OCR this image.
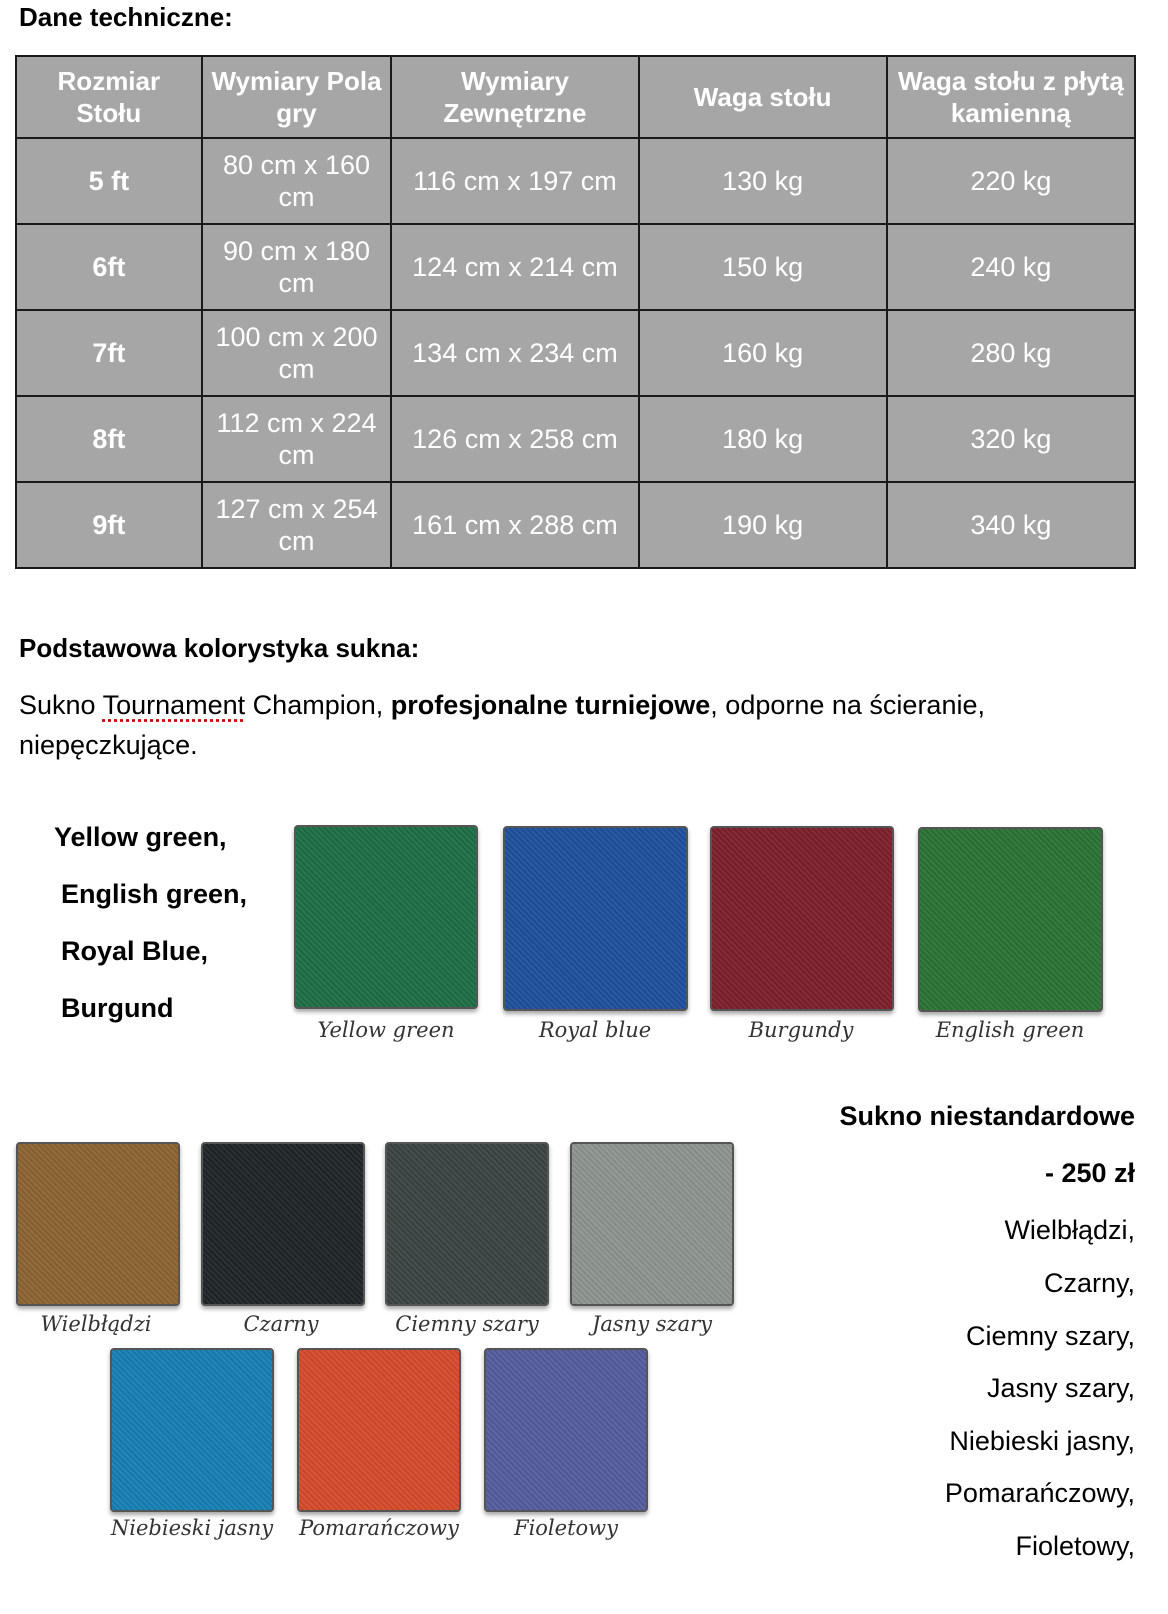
Dane techniczne:
Rozmiar Stołu	Wymiary Pola gry	Wymiary Zewnętrzne	Waga stołu	Waga stołu z płytą kamienną
5 ft	80 cm x 160 cm	116 cm x 197 cm	130 kg	220 kg
6ft	90 cm x 180 cm	124 cm x 214 cm	150 kg	240 kg
7ft	100 cm x 200 cm	134 cm x 234 cm	160 kg	280 kg
8ft	112 cm x 224 cm	126 cm x 258 cm	180 kg	320 kg
9ft	127 cm x 254 cm	161 cm x 288 cm	190 kg	340 kg
Podstawowa kolorystyka sukna:
Sukno Tournament Champion, profesjonalne turniejowe, odporne na ścieranie,
niepęczkujące.
Yellow green,
English green,
Royal Blue,
Burgund
Yellow green	Royal blue	Burgundy	English green
Wielbłądzi	Czarny	Ciemny szary	Jasny szary
Niebieski jasny Pomarańczowy	Fioletowy
Sukno niestandardowe
- 250 zł
Wielbłądzi,
Czarny,
Ciemny szary,
Jasny szary,
Niebieski jasny,
Pomarańczowy,
Fioletowy,
